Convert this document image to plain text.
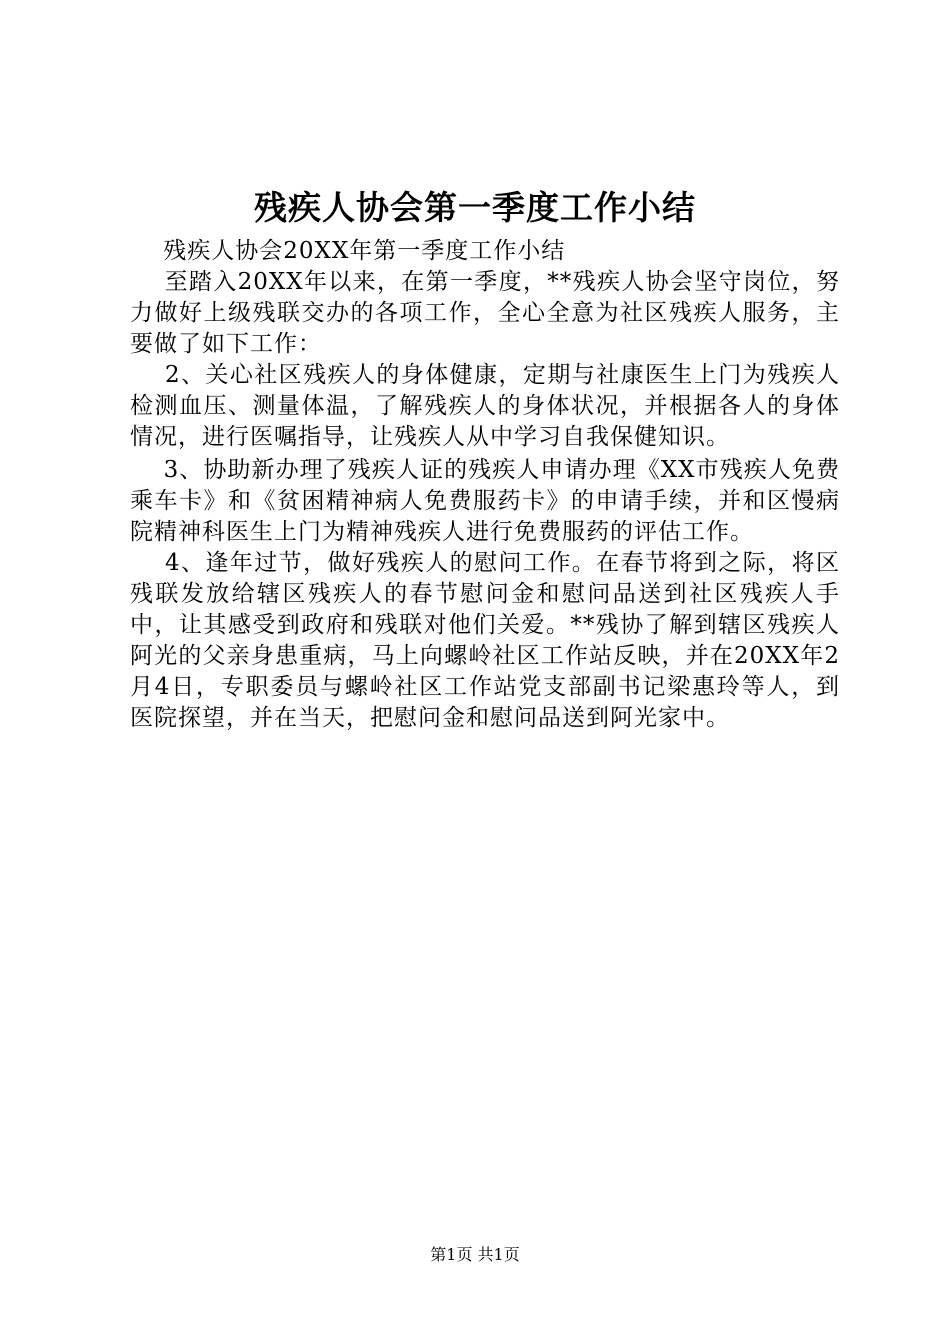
残疾人协会第一季度工作小结

残疾人协会20XX年第一季度工作小结

至踏入20XX年以来，在第一季度，**残疾人协会坚守岗位，努力做好上级残联交办的各项工作，全心全意为社区残疾人服务，主要做了如下工作：

2、关心社区残疾人的身体健康，定期与社康医生上门为残疾人检测血压、测量体温，了解残疾人的身体状况，并根据各人的身体情况，进行医嘱指导，让残疾人从中学习自我保健知识。

3、协助新办理了残疾人证的残疾人申请办理《XX市残疾人免费乘车卡》和《贫困精神病人免费服药卡》的申请手续，并和区慢病院精神科医生上门为精神残疾人进行免费服药的评估工作。

4、逢年过节，做好残疾人的慰问工作。在春节将到之际，将区残联发放给辖区残疾人的春节慰问金和慰问品送到社区残疾人手中，让其感受到政府和残联对他们关爱。**残协了解到辖区残疾人阿光的父亲身患重病，马上向螺岭社区工作站反映，并在20XX年2月4日，专职委员与螺岭社区工作站党支部副书记梁惠玲等人，到医院探望，并在当天，把慰问金和慰问品送到阿光家中。

第1页 共1页
